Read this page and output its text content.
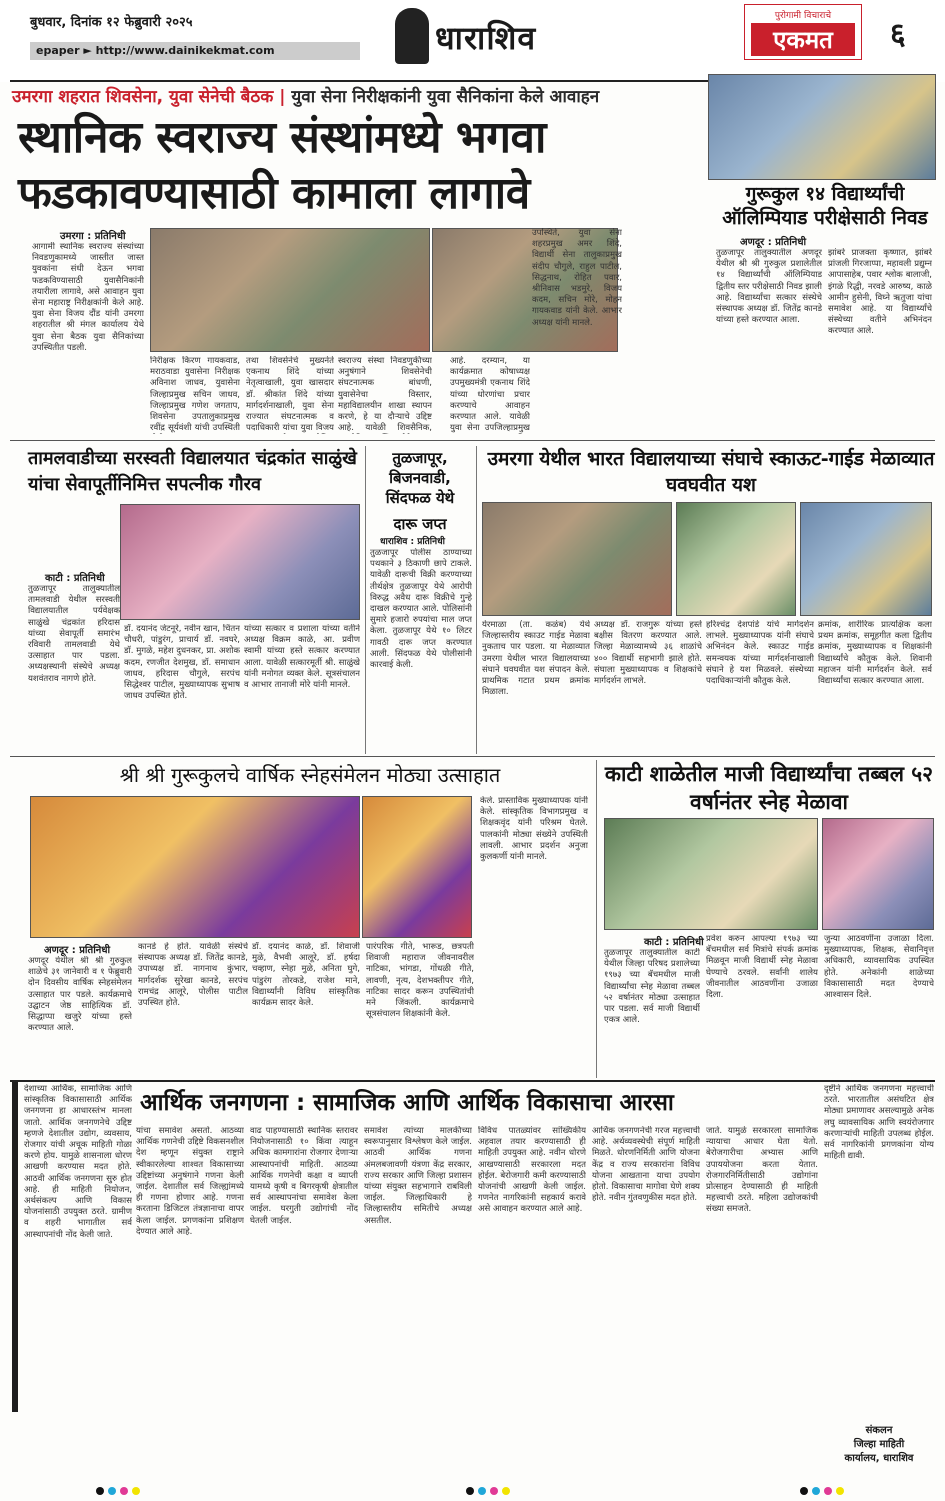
बुधवार, दिनांक १२ फेब्रुवारी २०२५
epaper ► http://www.dainikekmat.com	धाराशिव
पुरोगामी विचाराचे
एकमत	६
उमरगा शहरात शिवसेना, युवा सेनेची बैठक | युवा सेना निरीक्षकांनी युवा सैनिकांना केले आवाहन
स्थानिक स्वराज्य संस्थांमध्ये भगवा फडकावण्यासाठी कामाला लागावे
उमरगा : प्रतिनिधी
आगामी स्थानिक स्वराज्य संस्थांच्या निवडणुकामध्ये जास्तीत जास्त युवकांना संधी देऊन भगवा फडकविण्यासाठी युवासैनिकांनी तयारीला लागावे, असे आवाहन युवा सेना महाराष्ट्र निरीक्षकांनी केले आहे. युवा सेना विजय दौंड यांनी उमरगा शहरातील श्री मंगल कार्यालय येथे युवा सेना बैठक युवा सैनिकांच्या उपस्थितीत पडली.
निरीक्षक किरण गायकवाड, मराठवाडा युवासेना निरीक्षक अविनाश जाधव, युवासेना जिल्हाप्रमुख सचिन जाधव, जिल्हाप्रमुख गणेश जगताप, शिवसेना उपतालुकाप्रमुख रवींद्र सूर्यवंशी यांची उपस्थिती
तथा शिवसेनेचे मुख्यनेते एकनाथ शिंदे यांच्या नेतृत्वाखाली, युवा खासदार डॉ. श्रीकांत शिंदे यांच्या मार्गदर्शनाखाली, युवा सेना राज्यात संघटनात्मक व पदाधिकारी यांचा युवा विजय
स्वराज्य संस्था निवडणुकीच्या अनुषंगाने शिवसेनेची संघटनात्मक बांधणी, युवासेनेचा विस्तार, महाविद्यालयीन शाखा स्थापन करणे, हे या दौऱ्याचे उद्दिष्ट आहे. यावेळी शिवसैनिक,
आहे. दरम्यान, या कार्यक्रमात कोषाध्यक्ष उपमुख्यमंत्री एकनाथ शिंदे यांच्या धोरणांचा प्रचार करण्याचे आवाहन करण्यात आले. यावेळी युवा सेना उपजिल्हाप्रमुख
उपस्थिते, युवा सेना शहरप्रमुख अमर शिंदे, विद्यार्थी सेना तालुकाप्रमुख संदीप चौगुले, राहुल पाटील, सिद्धनाथ, रोहित पवार, श्रीनिवास भडमुरे, विजय कदम, सचिन मोरे, मोहन गायकवाड यांनी केले. आभार अध्यक्ष यांनी मानले.
गुरूकुल १४ विद्यार्थ्यांची ऑलिम्पियाड परीक्षेसाठी निवड
अणदूर : प्रतिनिधी
तुळजापूर तालुक्यातील अणदूर येथील श्री श्री गुरुकुल प्रशालेतील १४ विद्यार्थ्यांची ऑलिम्पियाड द्वितीय स्तर परीक्षेसाठी निवड झाली आहे. विद्यार्थ्यांचा सत्कार संस्थेचे संस्थापक अध्यक्ष डॉ. जितेंद्र कानडे यांच्या हस्ते करण्यात आला.
झांबरे प्राजक्ता कृष्णात, झांबरे प्रांजली गिरजाप्पा, महावली प्रद्युम्न आपासाहेब, पवार श्लोक बालाजी, इंगळे रिद्धी, नरवडे आरुष्य, काळे आमीन हुसेनी, विघ्ने ऋतुजा यांचा समावेश आहे. या विद्यार्थ्यांचे संस्थेच्या वतीने अभिनंदन करण्यात आले.
तामलवाडीच्या सरस्वती विद्यालयात चंद्रकांत साळुंखे यांचा सेवापूर्तीनिमित्त सपत्नीक गौरव
काटी : प्रतिनिधी
तुळजापूर तालुक्यातील तामलवाडी येथील सरस्वती विद्यालयातील पर्यवेक्षक साळुंखे चंद्रकांत हरिदास यांच्या सेवापूर्ती समारंभ रविवारी तामलवाडी येथे उत्साहात पार पडला. अध्यक्षस्थानी संस्थेचे अध्यक्ष यशवंतराव नागणे होते.
डॉ. दयानंद जेटनूरे, नवीन खान, चिंतन चौधरी, पांडुरंग, प्राचार्य डॉ. नवघरे, डॉ. मुगळे, महेश दुधनकर, प्रा. अशोक कदम, रणजीत देशमुख, डॉ. समाधान जाधव, हरिदास चौगुले, सरपंच सिद्धेश्वर पाटील, मुख्याध्यापक सुभाष जाधव उपस्थित होते.
यांच्या सत्कार व प्रशाला यांच्या वतीने अध्यक्ष विक्रम काळे, आ. प्रवीण स्वामी यांच्या हस्ते सत्कार करण्यात आला. यावेळी सत्कारमूर्ती श्री. साळुंखे यांनी मनोगत व्यक्त केले. सूत्रसंचालन व आभार तानाजी मोरे यांनी मानले.
तुळजापूर, बिजनवाडी, सिंदफळ येथे
दारू जप्त
धाराशिव : प्रतिनिधी
तुळजापूर पोलीस ठाण्याच्या पथकाने ३ ठिकाणी छापे टाकले. यावेळी दारूची विक्री करण्याच्या तीर्थक्षेत्र तुळजापूर येथे आरोपी विरुद्ध अवैध दारू विक्रीचे गुन्हे दाखल करण्यात आले. पोलिसांनी सुमारे हजारो रुपयांचा माल जप्त केला. तुळजापूर येथे १० लिटर गावठी दारू जप्त करण्यात आली. सिंदफळ येथे पोलीसांनी कारवाई केली.
उमरगा येथील भारत विद्यालयाच्या संघाचे स्काऊट-गाईड मेळाव्यात घवघवीत यश
येरमाळा (ता. कळंब) येथे जिल्हास्तरीय स्काउट गाईड मेळावा नुकताच पार पडला. या मेळाव्यात उमरगा येथील भारत विद्यालयाच्या संघाने घवघवीत यश संपादन केले. प्राथमिक गटात प्रथम क्रमांक मिळाला.
अध्यक्ष डॉ. राजगुरू यांच्या हस्ते बक्षीस वितरण करण्यात आले. जिल्हा मेळाव्यामध्ये ३६ शाळांचे ४०० विद्यार्थी सहभागी झाले होते. संघाला मुख्याध्यापक व शिक्षकांचे मार्गदर्शन लाभले.
हरिश्चंद्र देशपांडे यांचे मार्गदर्शन लाभले. मुख्याध्यापक यांनी संघाचे अभिनंदन केले. स्काउट गाईड समन्वयक यांच्या मार्गदर्शनाखाली संघाने हे यश मिळवले. संस्थेच्या पदाधिकाऱ्यांनी कौतुक केले.
क्रमांक, शारीरिक प्रात्यक्षिक कला प्रथम क्रमांक, समूहगीत कला द्वितीय क्रमांक, मुख्याध्यापक व शिक्षकांनी विद्यार्थ्यांचे कौतुक केले. शिवानी महाजन यांनी मार्गदर्शन केले. सर्व विद्यार्थ्यांचा सत्कार करण्यात आला.
श्री श्री गुरूकुलचे वार्षिक स्नेहसंमेलन मोठ्या उत्साहात
अणदूर : प्रतिनिधी
अणदूर येथील श्री श्री गुरुकुल शाळेचे ३१ जानेवारी व १ फेब्रुवारी दोन दिवसीय वार्षिक स्नेहसंमेलन उत्साहात पार पडले. कार्यक्रमाचे उद्घाटन जेष्ठ साहित्यिक डॉ. सिद्धाप्पा खजुरे यांच्या हस्ते करण्यात आले.
कानडे हे होते. यावेळी संस्थेचे संस्थापक अध्यक्ष डॉ. जितेंद्र कानडे, उपाध्यक्ष डॉ. नागनाथ कुंभार, मार्गदर्शक सुरेखा कानडे, सरपंच रामचंद्र आलूरे, पोलीस पाटील उपस्थित होते.
डॉ. दयानंद काळे, डॉ. शिवाजी मुळे, वैभवी आलूरे, डॉ. हर्षदा चव्हाण, स्नेहा मुळे, अनिता घुगे, पांडुरंग तोरकडे, राजेश माने, विद्यार्थ्यांनी विविध सांस्कृतिक कार्यक्रम सादर केले.
पारंपरिक गीते, भारूड, छत्रपती शिवाजी महाराज जीवनावरील नाटिका, भांगडा, गोंधळी गीते, लावणी, नृत्य, देशभक्तीपर गीते, नाटिका सादर करून उपस्थितांची मने जिंकली. कार्यक्रमाचे सूत्रसंचालन शिक्षकांनी केले.
केले. प्रास्ताविक मुख्याध्यापक यांनी केले. सांस्कृतिक विभागप्रमुख व शिक्षकवृंद यांनी परिश्रम घेतले. पालकांनी मोठ्या संख्येने उपस्थिती लावली. आभार प्रदर्शन अनुजा कुलकर्णी यांनी मानले.
काटी शाळेतील माजी विद्यार्थ्यांचा तब्बल ५२ वर्षानंतर स्नेह मेळावा
काटी : प्रतिनिधी
तुळजापूर तालुक्यातील काटी येथील जिल्हा परिषद प्रशालेच्या १९७३ च्या बॅचमधील माजी विद्यार्थ्यांचा स्नेह मेळावा तब्बल ५२ वर्षानंतर मोठ्या उत्साहात पार पडला. सर्व माजी विद्यार्थी एकत्र आले.
प्रवेश करुन आपल्या १९७३ च्या बॅचमधील सर्व मित्रांचे संपर्क क्रमांक मिळवून माजी विद्यार्थी स्नेह मेळावा घेण्याचे ठरवले. सर्वांनी शालेय जीवनातील आठवणींना उजाळा दिला.
जुन्या आठवणींना उजाळा दिला. मुख्याध्यापक, शिक्षक, सेवानिवृत्त अधिकारी, व्यावसायिक उपस्थित होते. अनेकांनी शाळेच्या विकासासाठी मदत देण्याचे आश्वासन दिले.
देशाच्या आर्थिक, सामाजिक आणि सांस्कृतिक विकासासाठी आर्थिक जनगणना हा आधारस्तंभ मानला जातो. आर्थिक जनगणनेचे उद्दिष्ट म्हणजे देशातील उद्योग, व्यवसाय, रोजगार यांची अचूक माहिती गोळा करणे होय. यामुळे शासनाला धोरण आखणी करण्यास मदत होते. आठवी आर्थिक जनगणना सुरु होत आहे. ही माहिती नियोजन, अर्थसंकल्प आणि विकास योजनांसाठी उपयुक्त ठरते. ग्रामीण व शहरी भागातील सर्व आस्थापनांची नोंद केली जाते.
आर्थिक जनगणना : सामाजिक आणि आर्थिक विकासाचा आरसा
यांचा समावेश असतो. आठव्या आर्थिक गणनेची उद्दिष्टे विकसनशील देश म्हणून संयुक्त राष्ट्राने स्वीकारलेल्या शाश्वत विकासाच्या उद्दिष्टांच्या अनुषंगाने गणना केली जाईल. देशातील सर्व जिल्ह्यांमध्ये ही गणना होणार आहे. गणना करताना डिजिटल तंत्रज्ञानाचा वापर केला जाईल. प्रगणकांना प्रशिक्षण देण्यात आले आहे.
वाढ पाहण्यासाठी स्थानिक स्तरावर नियोजनासाठी १० किंवा त्याहून अधिक कामगारांना रोजगार देणाऱ्या आस्थापनांची माहिती. आठव्या आर्थिक गणनेची कक्षा व व्याप्ती यामध्ये कृषी व बिगरकृषी क्षेत्रातील सर्व आस्थापनांचा समावेश केला जाईल. घरगुती उद्योगांची नोंद घेतली जाईल.
समावेश त्यांच्या मालकीच्या स्वरूपानुसार विश्लेषण केले जाईल. आठवी आर्थिक गणना अंमलबजावणी यंत्रणा केंद्र सरकार, राज्य सरकार आणि जिल्हा प्रशासन यांच्या संयुक्त सहभागाने राबविली जाईल. जिल्हाधिकारी हे जिल्हास्तरीय समितीचे अध्यक्ष असतील.
विविध पातळ्यांवर सांख्यिकीय अहवाल तयार करण्यासाठी ही माहिती उपयुक्त आहे. नवीन धोरणे आखण्यासाठी सरकारला मदत होईल. बेरोजगारी कमी करण्यासाठी योजनांची आखणी केली जाईल. गणनेत नागरिकांनी सहकार्य करावे असे आवाहन करण्यात आले आहे.
आर्थिक जनगणनेची गरज महत्त्वाची आहे. अर्थव्यवस्थेची संपूर्ण माहिती मिळते. धोरणनिर्मिती आणि योजना केंद्र व राज्य सरकारांना विविध योजना आखताना याचा उपयोग होतो. विकासाचा मागोवा घेणे शक्य होते. नवीन गुंतवणुकीस मदत होते.
जाते. यामुळे सरकारला सामाजिक न्यायाचा आधार घेता येतो. बेरोजगारीचा अभ्यास आणि उपाययोजना करता येतात. रोजगारनिर्मितीसाठी उद्योगांना प्रोत्साहन देण्यासाठी ही माहिती महत्त्वाची ठरते. महिला उद्योजकांची संख्या समजते.
दृष्टीने आर्थिक जनगणना महत्त्वाची ठरते. भारतातील असंघटित क्षेत्र मोठ्या प्रमाणावर असल्यामुळे अनेक लघु व्यावसायिक आणि स्वयंरोजगार करणाऱ्यांची माहिती उपलब्ध होईल. सर्व नागरिकांनी प्रगणकांना योग्य माहिती द्यावी.
संकलन
जिल्हा माहिती
कार्यालय, धाराशिव
